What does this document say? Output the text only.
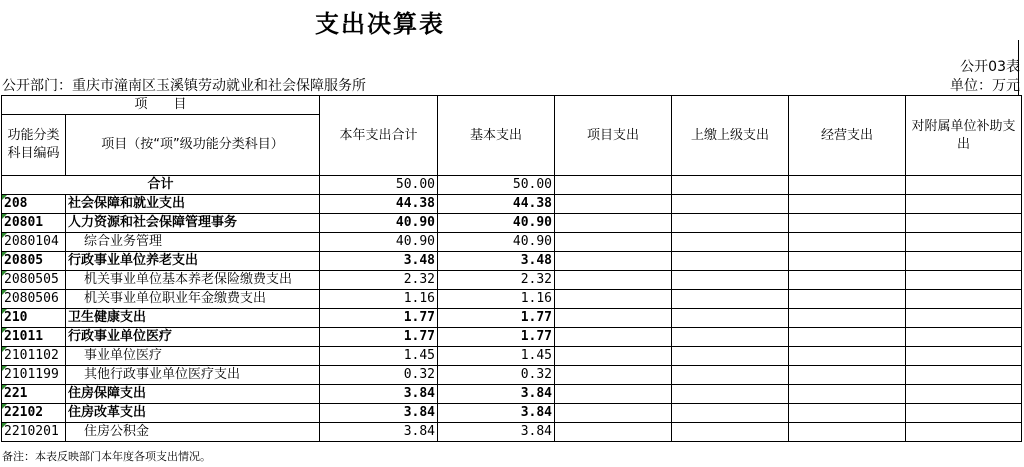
支出决算表
公开03表
公开部门：重庆市潼南区玉溪镇劳动就业和社会保障服务所	单位：万元
项　　目		本年支出合计	基本支出	项目支出	上缴上级支出	经营支出	对附属单位补助支出
功能分类科目编码	项目（按“项”级功能分类科目）						
合计		50.00	50.00				

208	社会保障和就业支出	44.38	44.38				

20801	人力资源和社会保障管理事务	40.90	40.90				

2080104	综合业务管理	40.90	40.90				

20805	行政事业单位养老支出	3.48	3.48				

2080505	机关事业单位基本养老保险缴费支出	2.32	2.32				

2080506	机关事业单位职业年金缴费支出	1.16	1.16				

210	卫生健康支出	1.77	1.77				

21011	行政事业单位医疗	1.77	1.77				

2101102	事业单位医疗	1.45	1.45				

2101199	其他行政事业单位医疗支出	0.32	0.32				

221	住房保障支出	3.84	3.84				

22102	住房改革支出	3.84	3.84				

2210201	住房公积金	3.84	3.84				
备注：本表反映部门本年度各项支出情况。
